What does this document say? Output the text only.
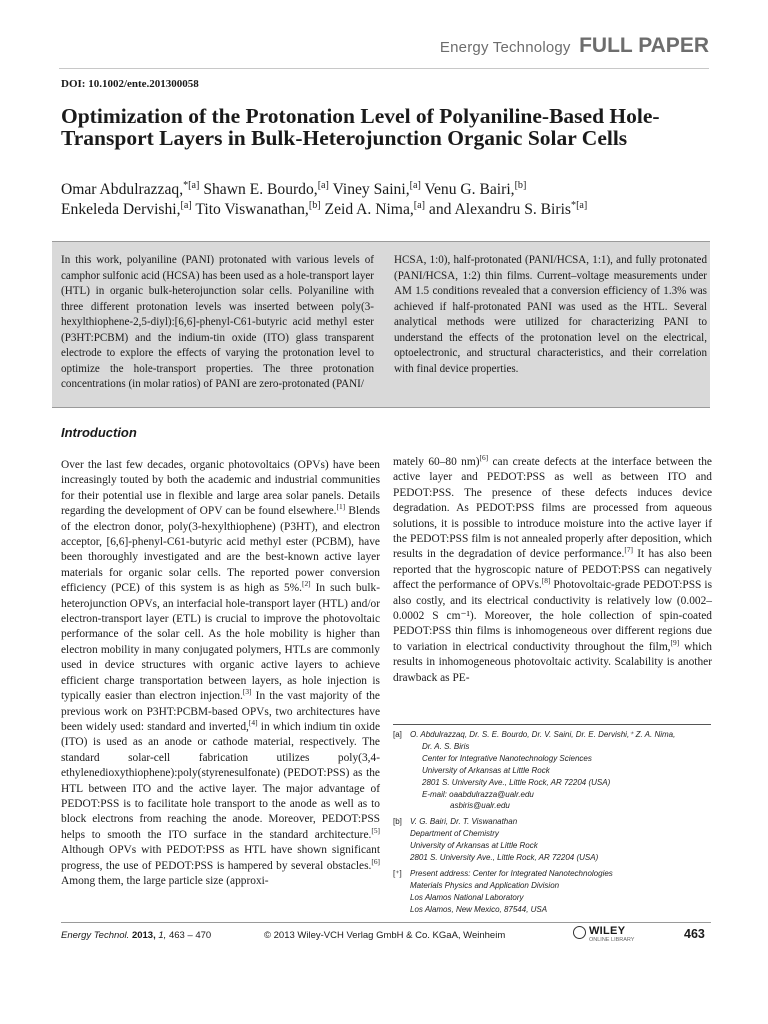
Energy Technology FULL PAPER
DOI: 10.1002/ente.201300058
Optimization of the Protonation Level of Polyaniline-Based Hole-Transport Layers in Bulk-Heterojunction Organic Solar Cells
Omar Abdulrazzaq,$^{*[a]}$ Shawn E. Bourdo,[a] Viney Saini,[a] Venu G. Bairi,[b]
Enkeleda Dervishi,[a] Tito Viswanathan,[b] Zeid A. Nima,[a] and Alexandru S. Biris$^{*[a]}$
In this work, polyaniline (PANI) protonated with various levels of camphor sulfonic acid (HCSA) has been used as a hole-transport layer (HTL) in organic bulk-heterojunction solar cells. Polyaniline with three different protonation levels was inserted between poly(3-hexylthiophene-2,5-diyl):[6,6]-phenyl-C61-butyric acid methyl ester (P3HT:PCBM) and the indium-tin oxide (ITO) glass transparent electrode to explore the effects of varying the protonation level to optimize the hole-transport properties. The three protonation concentrations (in molar ratios) of PANI are zero-protonated (PANI/
HCSA, 1:0), half-protonated (PANI/HCSA, 1:1), and fully protonated (PANI/HCSA, 1:2) thin films. Current–voltage measurements under AM 1.5 conditions revealed that a conversion efficiency of 1.3% was achieved if half-protonated PANI was used as the HTL. Several analytical methods were utilized for characterizing PANI to understand the effects of the protonation level on the electrical, optoelectronic, and structural characteristics, and their correlation with final device properties.
Introduction
Over the last few decades, organic photovoltaics (OPVs) have been increasingly touted by both the academic and industrial communities for their potential use in flexible and large area solar panels. Details regarding the development of OPV can be found elsewhere.[1] Blends of the electron donor, poly(3-hexylthiophene) (P3HT), and electron acceptor, [6,6]-phenyl-C61-butyric acid methyl ester (PCBM), have been thoroughly investigated and are the best-known active layer materials for organic solar cells. The reported power conversion efficiency (PCE) of this system is as high as 5%.[2] In such bulk-heterojunction OPVs, an interfacial hole-transport layer (HTL) and/or electron-transport layer (ETL) is crucial to improve the photovoltaic performance of the solar cell. As the hole mobility is higher than electron mobility in many conjugated polymers, HTLs are commonly used in device structures with organic active layers to achieve efficient charge transportation between layers, as hole injection is typically easier than electron injection.[3] In the vast majority of the previous work on P3HT:PCBM-based OPVs, two architectures have been widely used: standard and inverted,[4] in which indium tin oxide (ITO) is used as an anode or cathode material, respectively. The standard solar-cell fabrication utilizes poly(3,4-ethylenedioxythiophene):poly(styrenesulfonate) (PEDOT:PSS) as the HTL between ITO and the active layer. The major advantage of PEDOT:PSS is to facilitate hole transport to the anode as well as to block electrons from reaching the anode. Moreover, PEDOT:PSS helps to smooth the ITO surface in the standard architecture.[5] Although OPVs with PEDOT:PSS as HTL have shown significant progress, the use of PEDOT:PSS is hampered by several obstacles.[6] Among them, the large particle size (approxi-
mately 60–80 nm)[6] can create defects at the interface between the active layer and PEDOT:PSS as well as between ITO and PEDOT:PSS. The presence of these defects induces device degradation. As PEDOT:PSS films are processed from aqueous solutions, it is possible to introduce moisture into the active layer if the PEDOT:PSS film is not annealed properly after deposition, which results in the degradation of device performance.[7] It has also been reported that the hygroscopic nature of PEDOT:PSS can negatively affect the performance of OPVs.[8] Photovoltaic-grade PEDOT:PSS is also costly, and its electrical conductivity is relatively low (0.002–0.0002 S cm⁻¹). Moreover, the hole collection of spin-coated PEDOT:PSS thin films is inhomogeneous over different regions due to variation in electrical conductivity throughout the film,[9] which results in inhomogeneous photovoltaic activity. Scalability is another drawback as PE-
[a] O. Abdulrazzaq, Dr. S. E. Bourdo, Dr. V. Saini, Dr. E. Dervishi,⁺ Z. A. Nima,
Dr. A. S. Biris
Center for Integrative Nanotechnology Sciences
University of Arkansas at Little Rock
2801 S. University Ave., Little Rock, AR 72204 (USA)
E-mail: oaabdulrazza@ualr.edu
asbiris@ualr.edu
[b] V. G. Bairi, Dr. T. Viswanathan
Department of Chemistry
University of Arkansas at Little Rock
2801 S. University Ave., Little Rock, AR 72204 (USA)
[⁺] Present address: Center for Integrated Nanotechnologies
Materials Physics and Application Division
Los Alamos National Laboratory
Los Alamos, New Mexico, 87544, USA
Energy Technol. 2013, 1, 463 – 470	© 2013 Wiley-VCH Verlag GmbH & Co. KGaA, Weinheim	WILEY
ONLINE LIBRARY	463
